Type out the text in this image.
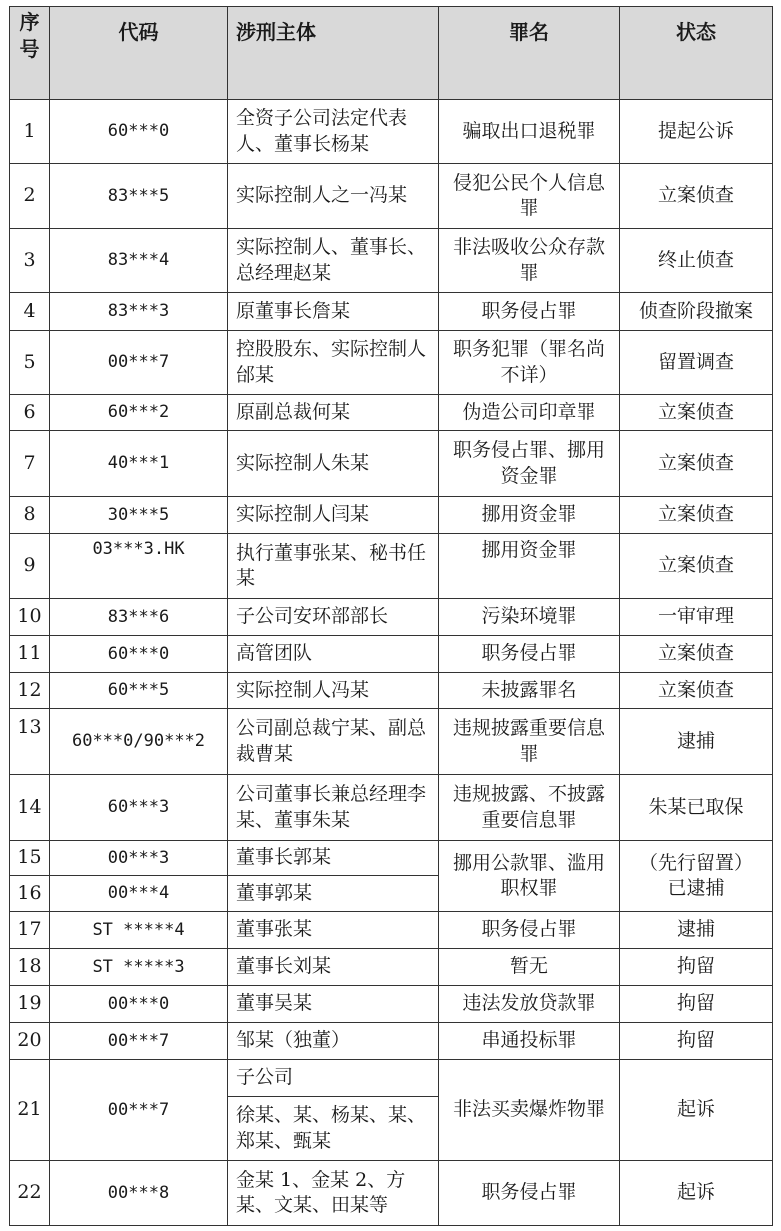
序号	代码	涉刑主体	罪名	状态
1	60***0	全资子公司法定代表人、董事长杨某	骗取出口退税罪	提起公诉
2	83***5	实际控制人之一冯某	侵犯公民个人信息罪	立案侦查
3	83***4	实际控制人、董事长、总经理赵某	非法吸收公众存款罪	终止侦查
4	83***3	原董事长詹某	职务侵占罪	侦查阶段撤案
5	00***7	控股股东、实际控制人邰某	职务犯罪（罪名尚不详）	留置调查
6	60***2	原副总裁何某	伪造公司印章罪	立案侦查
7	40***1	实际控制人朱某	职务侵占罪、挪用资金罪	立案侦查
8	30***5	实际控制人闫某	挪用资金罪	立案侦查
9	03***3.HK	执行董事张某、秘书任某	挪用资金罪	立案侦查
10	83***6	子公司安环部部长	污染环境罪	一审审理
11	60***0	高管团队	职务侵占罪	立案侦查
12	60***5	实际控制人冯某	未披露罪名	立案侦查
13	60***0/90***2	公司副总裁宁某、副总裁曹某	违规披露重要信息罪	逮捕
14	60***3	公司董事长兼总经理李某、董事朱某	违规披露、不披露重要信息罪	朱某已取保
15	00***3	董事长郭某	挪用公款罪、滥用职权罪	（先行留置）已逮捕
16	00***4	董事郭某		
17	ST *****4	董事张某	职务侵占罪	逮捕
18	ST *****3	董事长刘某	暂无	拘留
19	00***0	董事吴某	违法发放贷款罪	拘留
20	00***7	邹某（独董）	串通投标罪	拘留
21	00***7	子公司	非法买卖爆炸物罪	起诉
		徐某、某、杨某、某、郑某、甄某		
22	00***8	金某 1、金某 2、方某、文某、田某等	职务侵占罪	起诉
